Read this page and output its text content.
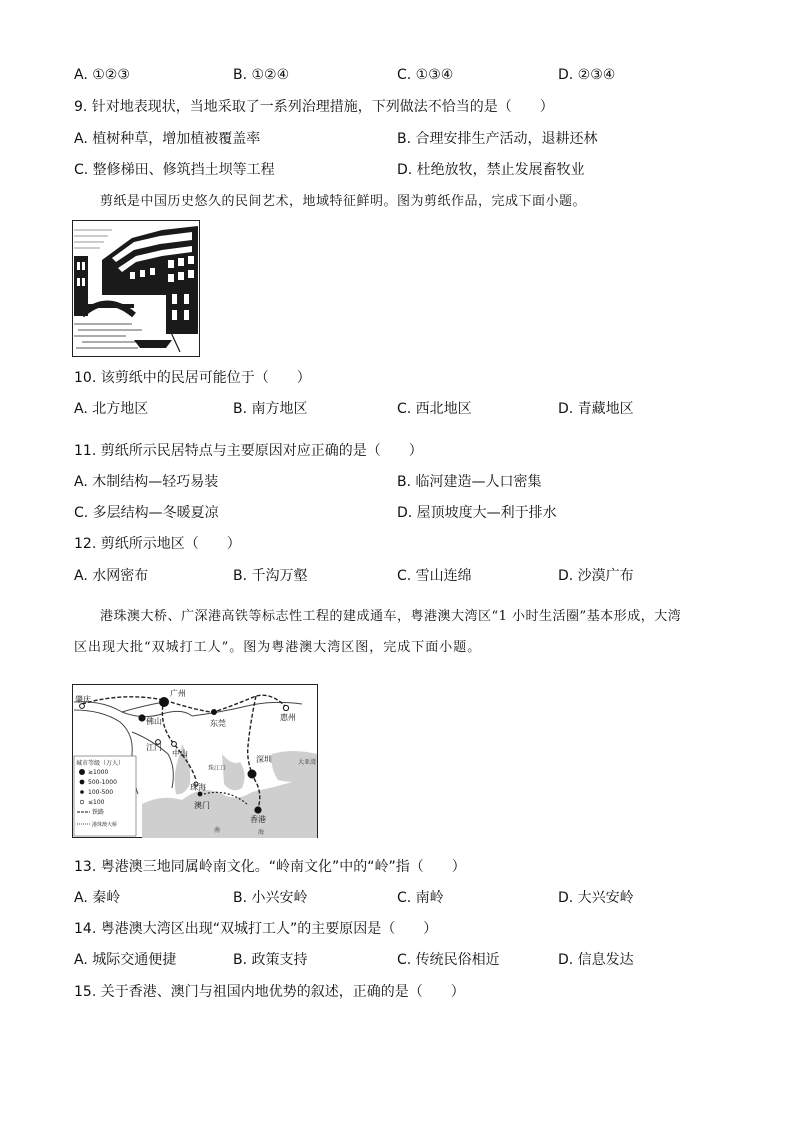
A. ①②③	B. ①②④	C. ①③④	D. ②③④
9. 针对地表现状，当地采取了一系列治理措施，下列做法不恰当的是（　　）
A. 植树种草，增加植被覆盖率	B. 合理安排生产活动，退耕还林
C. 整修梯田、修筑挡土坝等工程	D. 杜绝放牧，禁止发展畜牧业
剪纸是中国历史悠久的民间艺术，地域特征鲜明。图为剪纸作品，完成下面小题。
10. 该剪纸中的民居可能位于（　　）
A. 北方地区	B. 南方地区	C. 西北地区	D. 青藏地区
11. 剪纸所示民居特点与主要原因对应正确的是（　　）
A. 木制结构—轻巧易装	B. 临河建造—人口密集
C. 多层结构—冬暖夏凉	D. 屋顶坡度大—利于排水
12. 剪纸所示地区（　　）
A. 水网密布	B. 千沟万壑	C. 雪山连绵	D. 沙漠广布
港珠澳大桥、广深港高铁等标志性工程的建成通车，粤港澳大湾区“1 小时生活圈”基本形成，大湾
区出现大批“双城打工人”。图为粤港澳大湾区图，完成下面小题。
广州
肇庆
佛山	东莞
惠州
江门
中山
深圳
珠海
香港
澳门
珠江口
大亚湾
南	海
城市等级（万人）
≥1000
500-1000
100-500
≤100
铁路
港珠澳大桥
13. 粤港澳三地同属岭南文化。“岭南文化”中的“岭”指（　　）
A. 秦岭	B. 小兴安岭	C. 南岭	D. 大兴安岭
14. 粤港澳大湾区出现“双城打工人”的主要原因是（　　）
A. 城际交通便捷	B. 政策支持	C. 传统民俗相近	D. 信息发达
15. 关于香港、澳门与祖国内地优势的叙述，正确的是（　　）
